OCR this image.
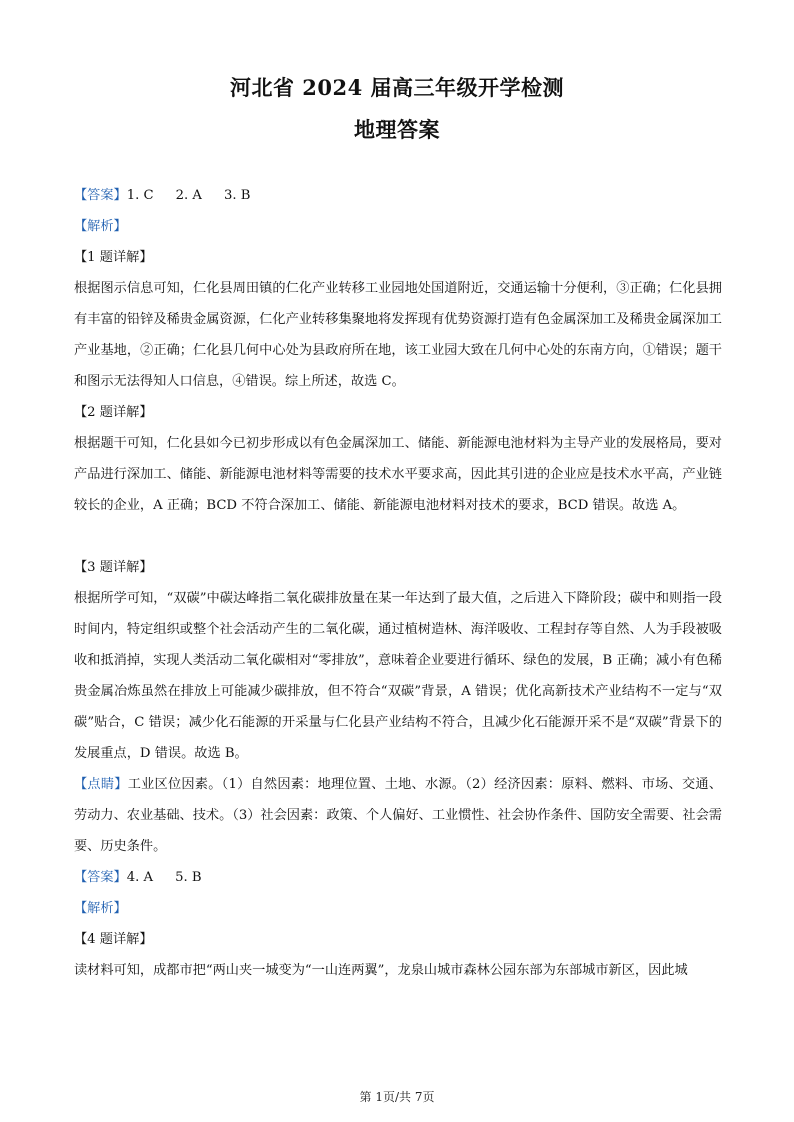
河北省 2024 届高三年级开学检测
地理答案

【答案】1. C 2. A 3. B

【解析】

【1 题详解】

根据图示信息可知，仁化县周田镇的仁化产业转移工业园地处国道附近，交通运输十分便利，③正确；仁化县拥有丰富的铅锌及稀贵金属资源，仁化产业转移集聚地将发挥现有优势资源打造有色金属深加工及稀贵金属深加工产业基地，②正确；仁化县几何中心处为县政府所在地，该工业园大致在几何中心处的东南方向，①错误；题干和图示无法得知人口信息，④错误。综上所述，故选 C。

【2 题详解】

根据题干可知，仁化县如今已初步形成以有色金属深加工、储能、新能源电池材料为主导产业的发展格局，要对产品进行深加工、储能、新能源电池材料等需要的技术水平要求高，因此其引进的企业应是技术水平高，产业链较长的企业，A 正确；BCD 不符合深加工、储能、新能源电池材料对技术的要求，BCD 错误。故选 A。

【3 题详解】

根据所学可知，“双碳”中碳达峰指二氧化碳排放量在某一年达到了最大值，之后进入下降阶段；碳中和则指一段时间内，特定组织或整个社会活动产生的二氧化碳，通过植树造林、海洋吸收、工程封存等自然、人为手段被吸收和抵消掉，实现人类活动二氧化碳相对“零排放”，意味着企业要进行循环、绿色的发展，B 正确；减小有色稀贵金属冶炼虽然在排放上可能减少碳排放，但不符合“双碳”背景，A 错误；优化高新技术产业结构不一定与“双碳”贴合，C 错误；减少化石能源的开采量与仁化县产业结构不符合，且减少化石能源开采不是“双碳”背景下的发展重点，D 错误。故选 B。

【点睛】工业区位因素。（1）自然因素：地理位置、土地、水源。（2）经济因素：原料、燃料、市场、交通、劳动力、农业基础、技术。（3）社会因素：政策、个人偏好、工业惯性、社会协作条件、国防安全需要、社会需要、历史条件。

【答案】4. A 5. B

【解析】

【4 题详解】

读材料可知，成都市把“两山夹一城变为“一山连两翼”，龙泉山城市森林公园东部为东部城市新区，因此城

第 1页/共 7页
